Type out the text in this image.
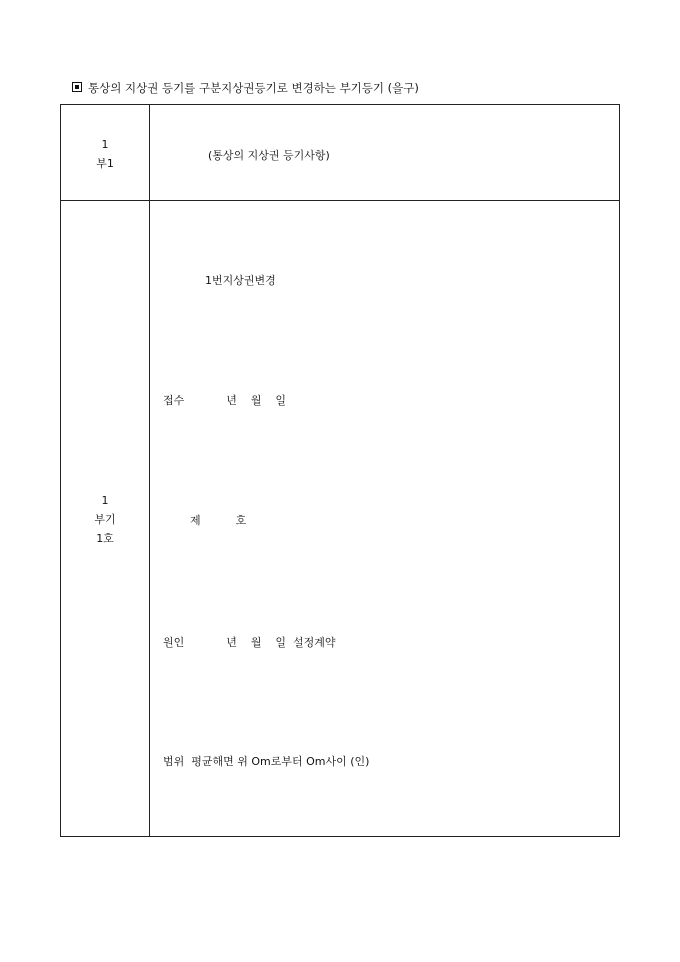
통상의 지상권 등기를 구분지상권등기로 변경하는 부기등기 (을구)
1
부1
(통상의 지상권 등기사항)
1
부기
1호
1번지상권변경
접수            년    월    일
제          호
원인            년    월    일  설정계약
범위  평균해면 위 Om로부터 Om사이 (인)
